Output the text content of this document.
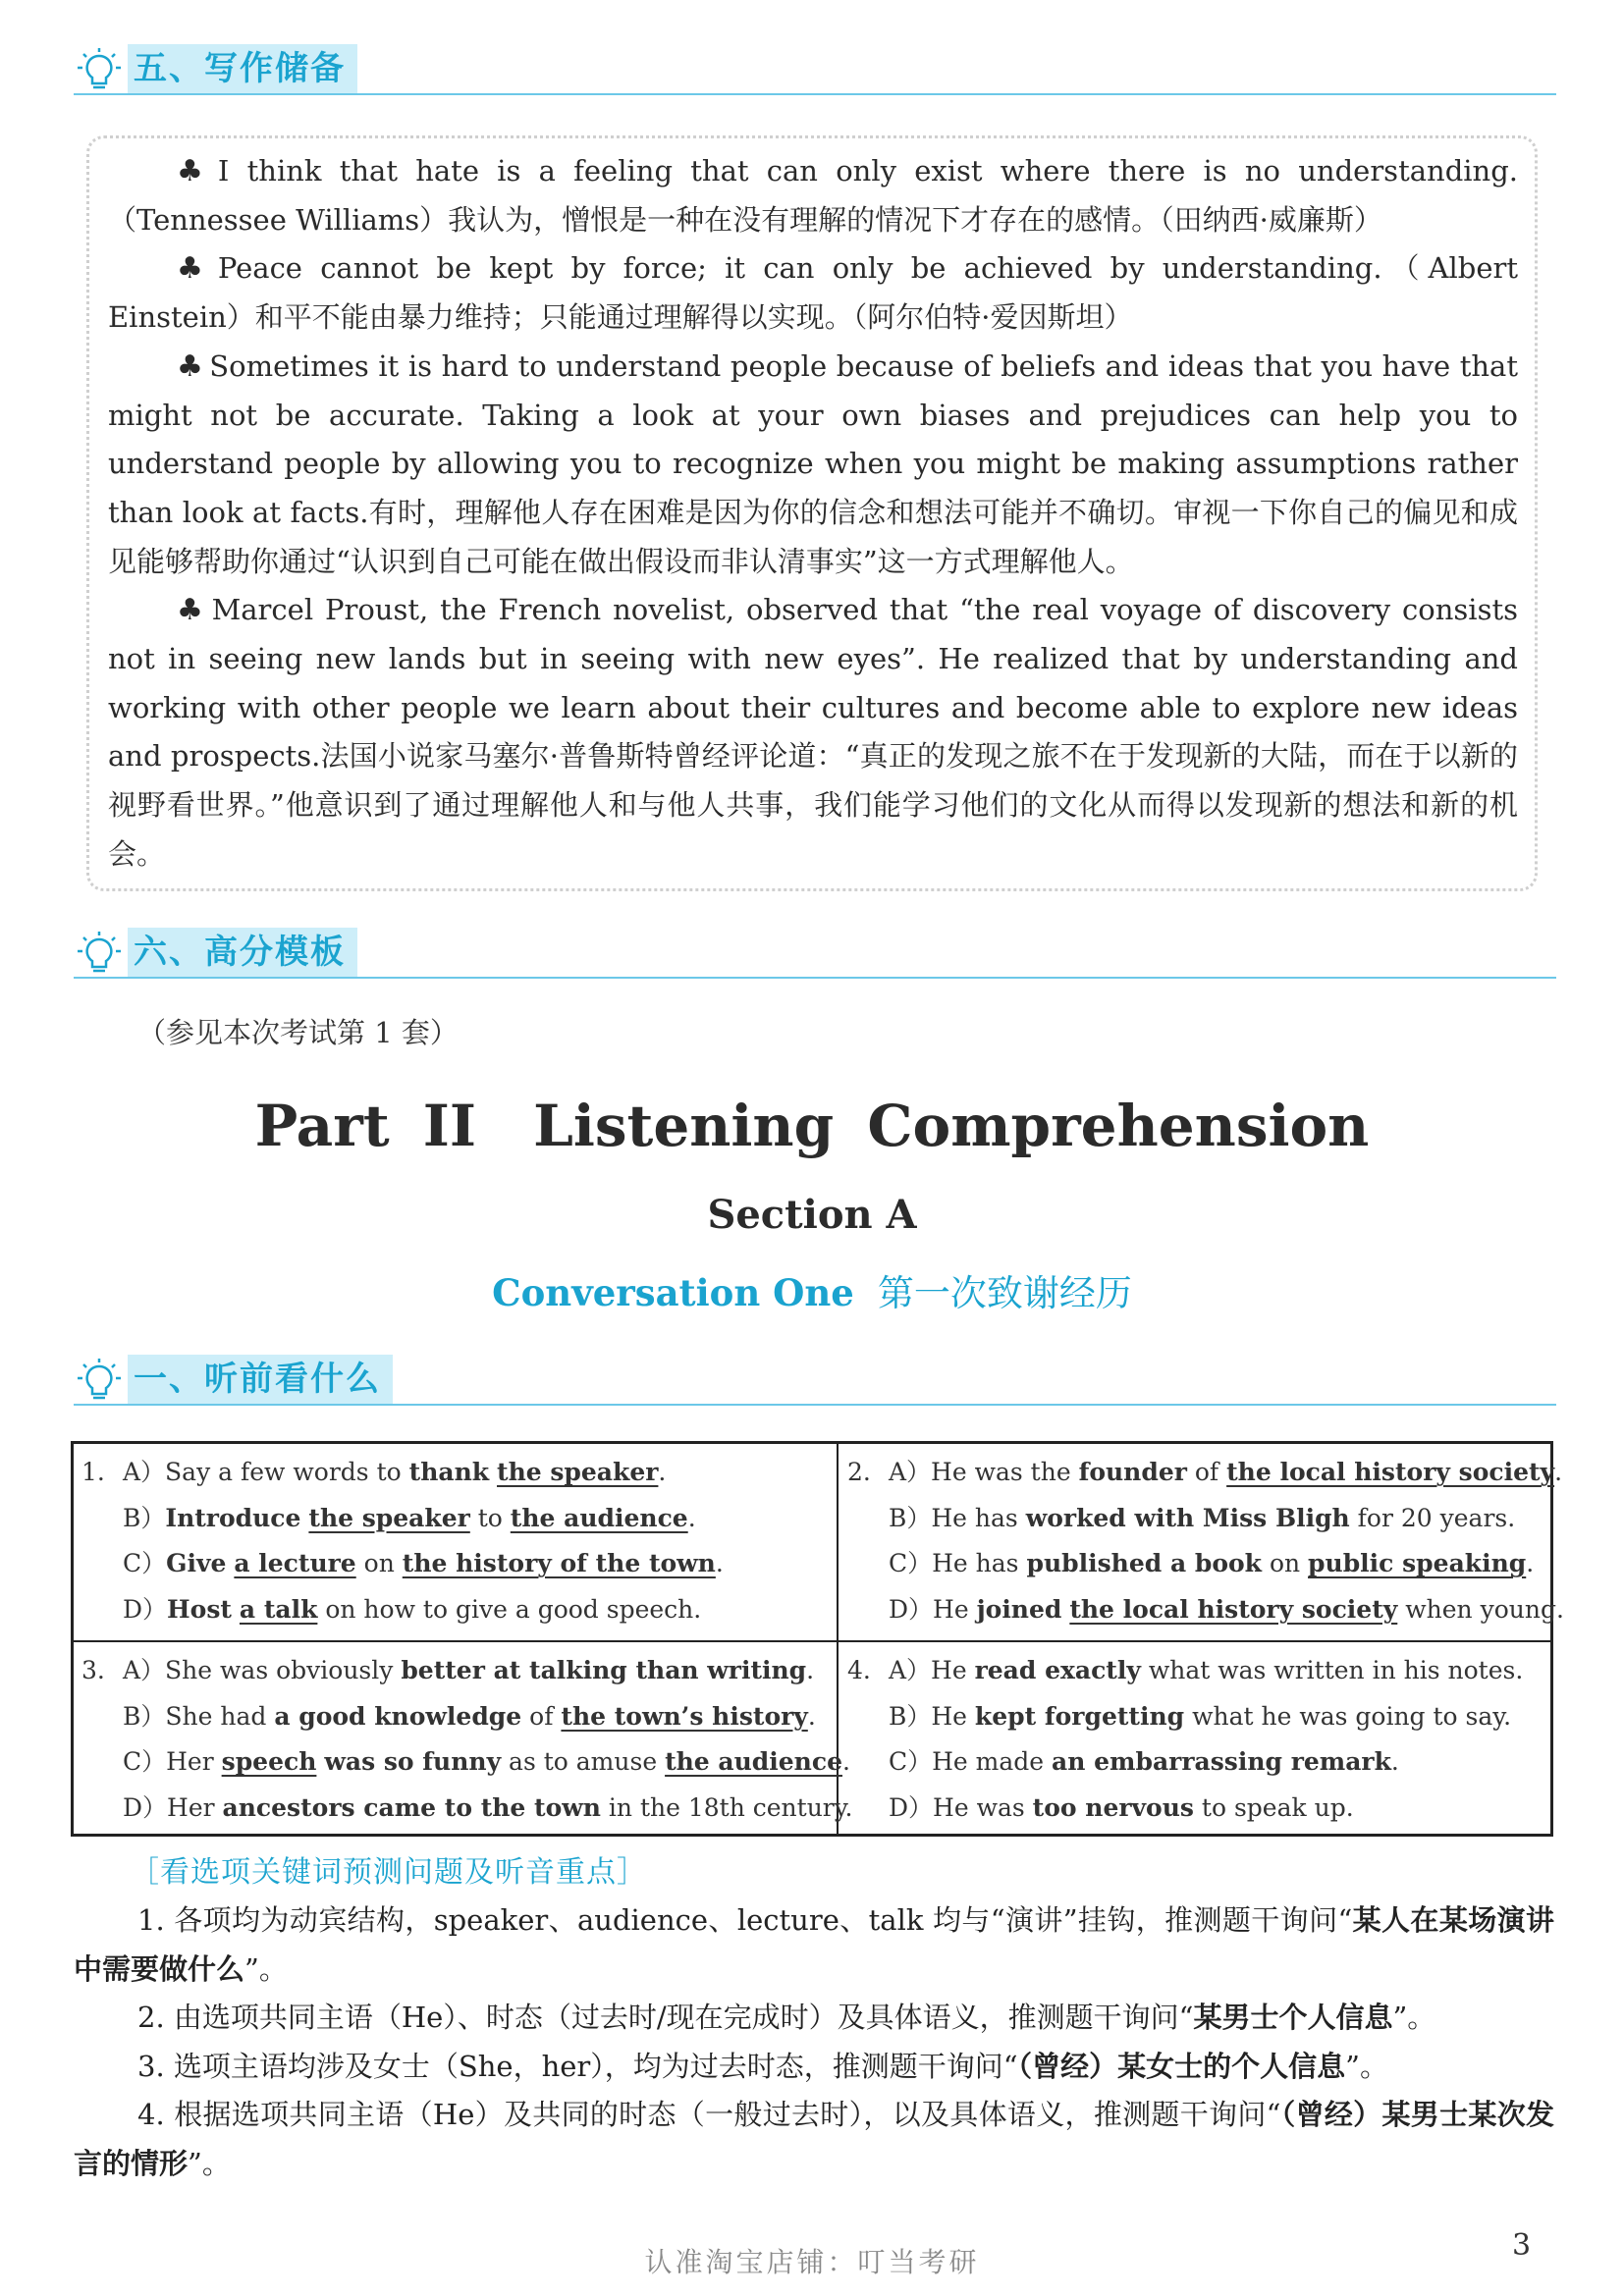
五、写作储备
♣ I think that hate is a feeling that can only exist where there is no understanding.（Tennessee Williams）我认为，憎恨是一种在没有理解的情况下才存在的感情。（田纳西·威廉斯）
♣ Peace cannot be kept by force; it can only be achieved by understanding.（Albert Einstein）和平不能由暴力维持；只能通过理解得以实现。（阿尔伯特·爱因斯坦）
♣ Sometimes it is hard to understand people because of beliefs and ideas that you have that might not be accurate. Taking a look at your own biases and prejudices can help you to understand people by allowing you to recognize when you might be making assumptions rather than look at facts.有时，理解他人存在困难是因为你的信念和想法可能并不确切。审视一下你自己的偏见和成见能够帮助你通过“认识到自己可能在做出假设而非认清事实”这一方式理解他人。
♣ Marcel Proust, the French novelist, observed that “the real voyage of discovery consists not in seeing new lands but in seeing with new eyes”. He realized that by understanding and working with other people we learn about their cultures and become able to explore new ideas and prospects.法国小说家马塞尔·普鲁斯特曾经评论道：“真正的发现之旅不在于发现新的大陆，而在于以新的视野看世界。”他意识到了通过理解他人和与他人共事，我们能学习他们的文化从而得以发现新的想法和新的机会。
六、高分模板
（参见本次考试第 1 套）
Part II　Listening Comprehension
Section A
Conversation One 第一次致谢经历
一、听前看什么
1. A）Say a few words to thank the speaker.
B）Introduce the speaker to the audience.
C）Give a lecture on the history of the town.
D）Host a talk on how to give a good speech.
2. A）He was the founder of the local history society.
B）He has worked with Miss Bligh for 20 years.
C）He has published a book on public speaking.
D）He joined the local history society when young.
3. A）She was obviously better at talking than writing.
B）She had a good knowledge of the town’s history.
C）Her speech was so funny as to amuse the audience.
D）Her ancestors came to the town in the 18th century.
4. A）He read exactly what was written in his notes.
B）He kept forgetting what he was going to say.
C）He made an embarrassing remark.
D）He was too nervous to speak up.
［看选项关键词预测问题及听音重点］

1. 各项均为动宾结构，speaker、audience、lecture、talk 均与“演讲”挂钩，推测题干询问“某人在某场演讲中需要做什么”。

2. 由选项共同主语（He）、时态（过去时/现在完成时）及具体语义，推测题干询问“某男士个人信息”。

3. 选项主语均涉及女士（She，her），均为过去时态，推测题干询问“（曾经）某女士的个人信息”。

4. 根据选项共同主语（He）及共同的时态（一般过去时），以及具体语义，推测题干询问“（曾经）某男士某次发言的情形”。

认准淘宝店铺：叮当考研	3
